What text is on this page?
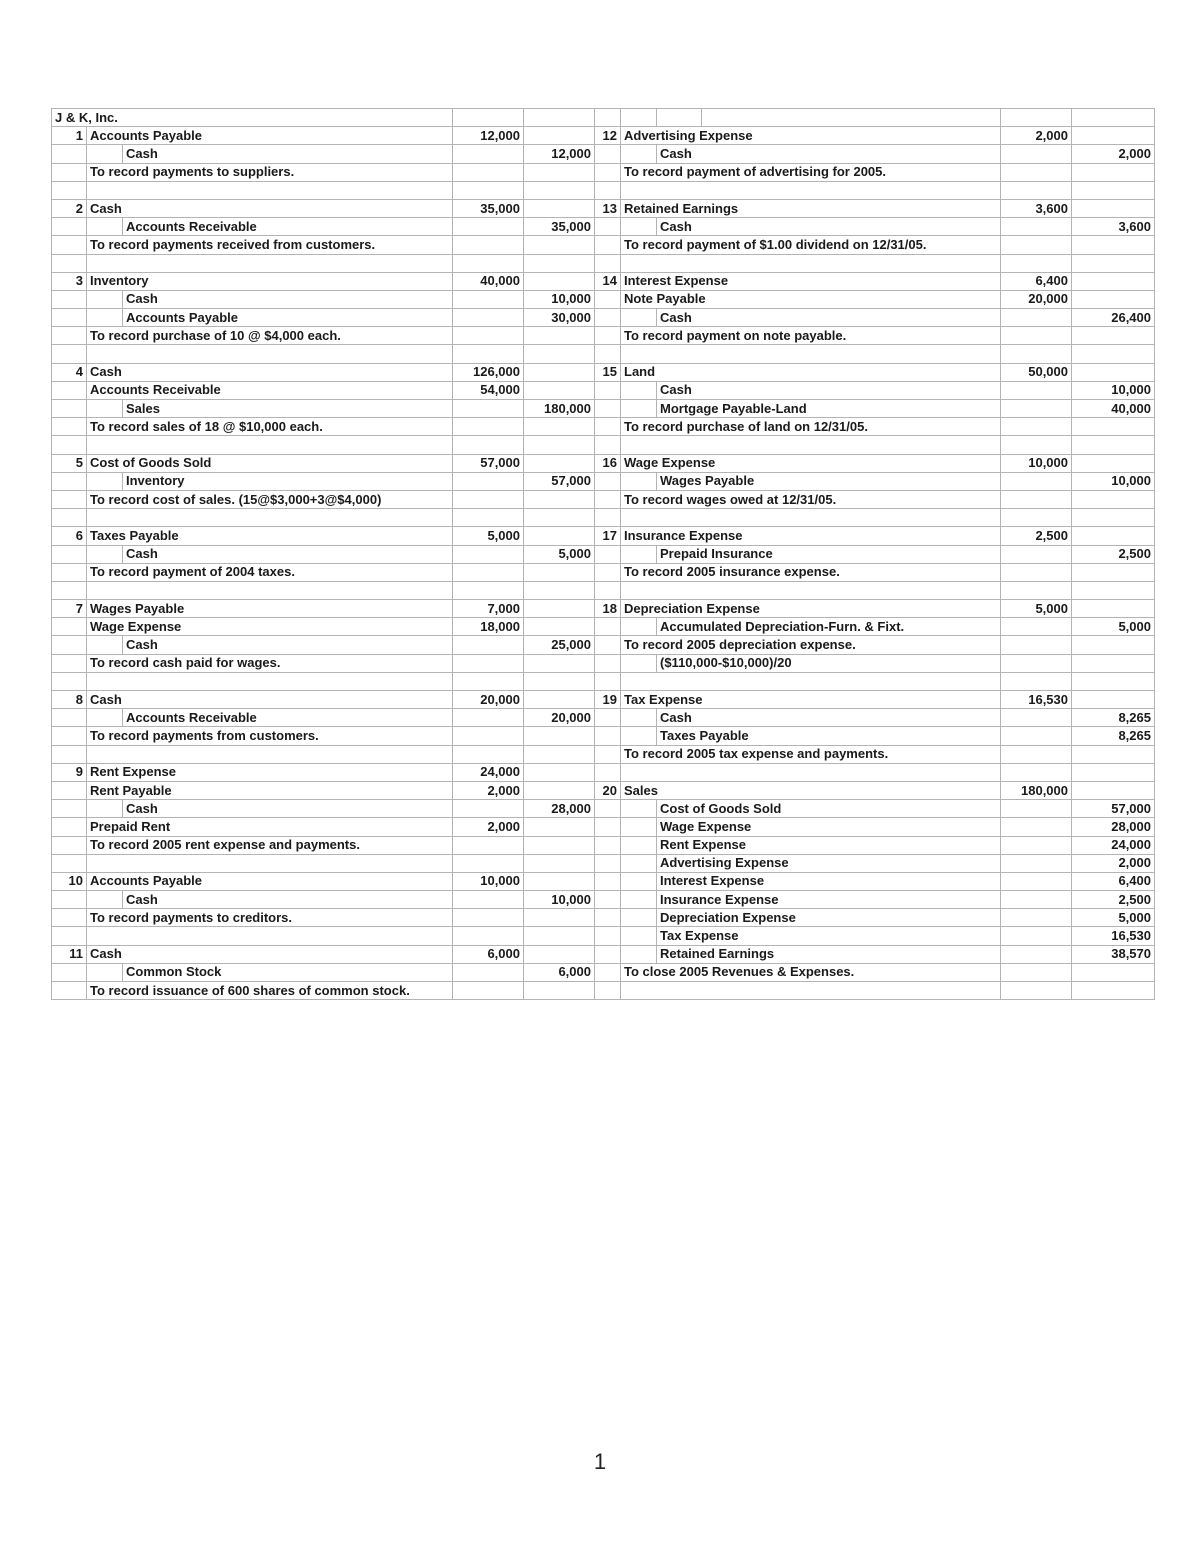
J & K, Inc.										
1	Accounts Payable		12,000		12	Advertising Expense			2,000	
		Cash		12,000			Cash			2,000
	To record payments to suppliers.					To record payment of advertising for 2005.				

2	Cash		35,000		13	Retained Earnings			3,600	
		Accounts Receivable		35,000			Cash			3,600
	To record payments received from customers.					To record payment of $1.00 dividend on 12/31/05.				

3	Inventory		40,000		14	Interest Expense			6,400	
		Cash		10,000		Note Payable			20,000	
		Accounts Payable		30,000			Cash			26,400
	To record purchase of 10 @ $4,000 each.					To record payment on note payable.				

4	Cash		126,000		15	Land			50,000	
	Accounts Receivable		54,000				Cash			10,000
		Sales		180,000			Mortgage Payable-Land			40,000
	To record sales of 18 @ $10,000 each.					To record purchase of land on 12/31/05.				

5	Cost of Goods Sold		57,000		16	Wage Expense			10,000	
		Inventory		57,000			Wages Payable			10,000
	To record cost of sales. (15@$3,000+3@$4,000)					To record wages owed at 12/31/05.				

6	Taxes Payable		5,000		17	Insurance Expense			2,500	
		Cash		5,000			Prepaid Insurance			2,500
	To record payment of 2004 taxes.					To record 2005 insurance expense.				

7	Wages Payable		7,000		18	Depreciation Expense			5,000	
	Wage Expense		18,000				Accumulated Depreciation-Furn. & Fixt.			5,000
		Cash		25,000		To record 2005 depreciation expense.				
	To record cash paid for wages.						($110,000-$10,000)/20			

8	Cash		20,000		19	Tax Expense			16,530	
		Accounts Receivable		20,000			Cash			8,265
	To record payments from customers.						Taxes Payable			8,265
						To record 2005 tax expense and payments.				
9	Rent Expense		24,000							
	Rent Payable		2,000		20	Sales			180,000	
		Cash		28,000			Cost of Goods Sold			57,000
	Prepaid Rent		2,000				Wage Expense			28,000
	To record 2005 rent expense and payments.						Rent Expense			24,000
							Advertising Expense			2,000
10	Accounts Payable		10,000				Interest Expense			6,400
		Cash		10,000			Insurance Expense			2,500
	To record payments to creditors.						Depreciation Expense			5,000
							Tax Expense			16,530
11	Cash		6,000				Retained Earnings			38,570
		Common Stock		6,000		To close 2005 Revenues & Expenses.				
	To record issuance of 600 shares of common stock.									
1
